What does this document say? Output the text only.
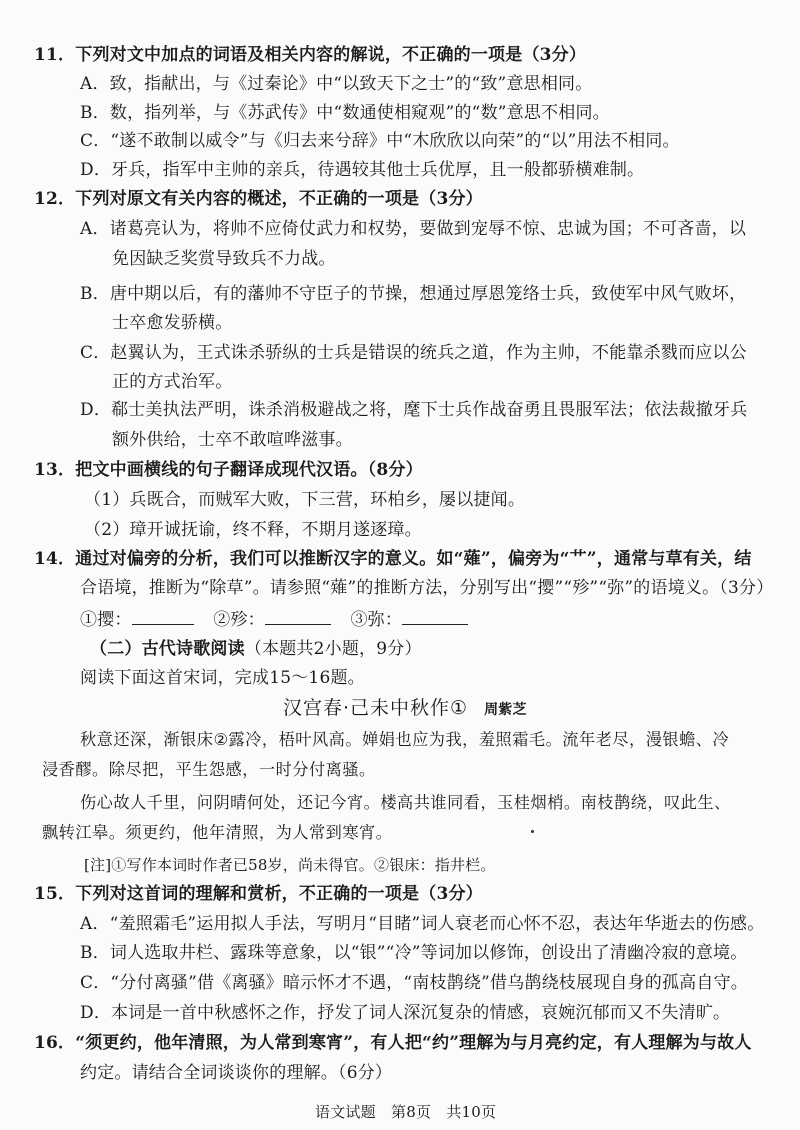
11．下列对文中加点的词语及相关内容的解说，不正确的一项是（3分）
A．致，指献出，与《过秦论》中“以致天下之士”的“致”意思相同。
B．数，指列举，与《苏武传》中“数通使相窥观”的“数”意思不相同。
C．“遂不敢制以威令”与《归去来兮辞》中“木欣欣以向荣”的“以”用法不相同。
D．牙兵，指军中主帅的亲兵，待遇较其他士兵优厚，且一般都骄横难制。
12．下列对原文有关内容的概述，不正确的一项是（3分）
A．诸葛亮认为，将帅不应倚仗武力和权势，要做到宠辱不惊、忠诚为国；不可吝啬，以
免因缺乏奖赏导致兵不力战。
B．唐中期以后，有的藩帅不守臣子的节操，想通过厚恩笼络士兵，致使军中风气败坏，
士卒愈发骄横。
C．赵翼认为，王式诛杀骄纵的士兵是错误的统兵之道，作为主帅，不能靠杀戮而应以公
正的方式治军。
D．郗士美执法严明，诛杀消极避战之将，麾下士兵作战奋勇且畏服军法；依法裁撤牙兵
额外供给，士卒不敢喧哗滋事。
13．把文中画横线的句子翻译成现代汉语。（8分）
（1）兵既合，而贼军大败，下三营，环柏乡，屡以捷闻。
（2）璋开诚抚谕，终不释，不期月遂逐璋。
14．通过对偏旁的分析，我们可以推断汉字的意义。如“薙”，偏旁为“艹”，通常与草有关，结
合语境，推断为“除草”。请参照“薙”的推断方法，分别写出“撄”“殄”“弥”的语境义。（3分）
①撄：	②殄：	③弥：
（二）古代诗歌阅读（本题共2小题，9分）
阅读下面这首宋词，完成15～16题。
汉宫春·己未中秋作① 周紫芝
秋意还深，渐银床②露冷，梧叶风高。婵娟也应为我，羞照霜毛。流年老尽，漫银蟾、冷
浸香醪。除尽把，平生怨感，一时分付离骚。
伤心故人千里，问阴晴何处，还记今宵。楼高共谁同看，玉桂烟梢。南枝鹊绕，叹此生、
飘转江皋。须更约，他年清照，为人常到寒宵。
[注]①写作本词时作者已58岁，尚未得官。②银床：指井栏。
15．下列对这首词的理解和赏析，不正确的一项是（3分）
A．“羞照霜毛”运用拟人手法，写明月“目睹”词人衰老而心怀不忍，表达年华逝去的伤感。
B．词人选取井栏、露珠等意象，以“银”“冷”等词加以修饰，创设出了清幽冷寂的意境。
C．“分付离骚”借《离骚》暗示怀才不遇，“南枝鹊绕”借乌鹊绕枝展现自身的孤高自守。
D．本词是一首中秋感怀之作，抒发了词人深沉复杂的情感，哀婉沉郁而又不失清旷。
16．“须更约，他年清照，为人常到寒宵”，有人把“约”理解为与月亮约定，有人理解为与故人
约定。请结合全词谈谈你的理解。（6分）
语文试题　第8页　共10页
